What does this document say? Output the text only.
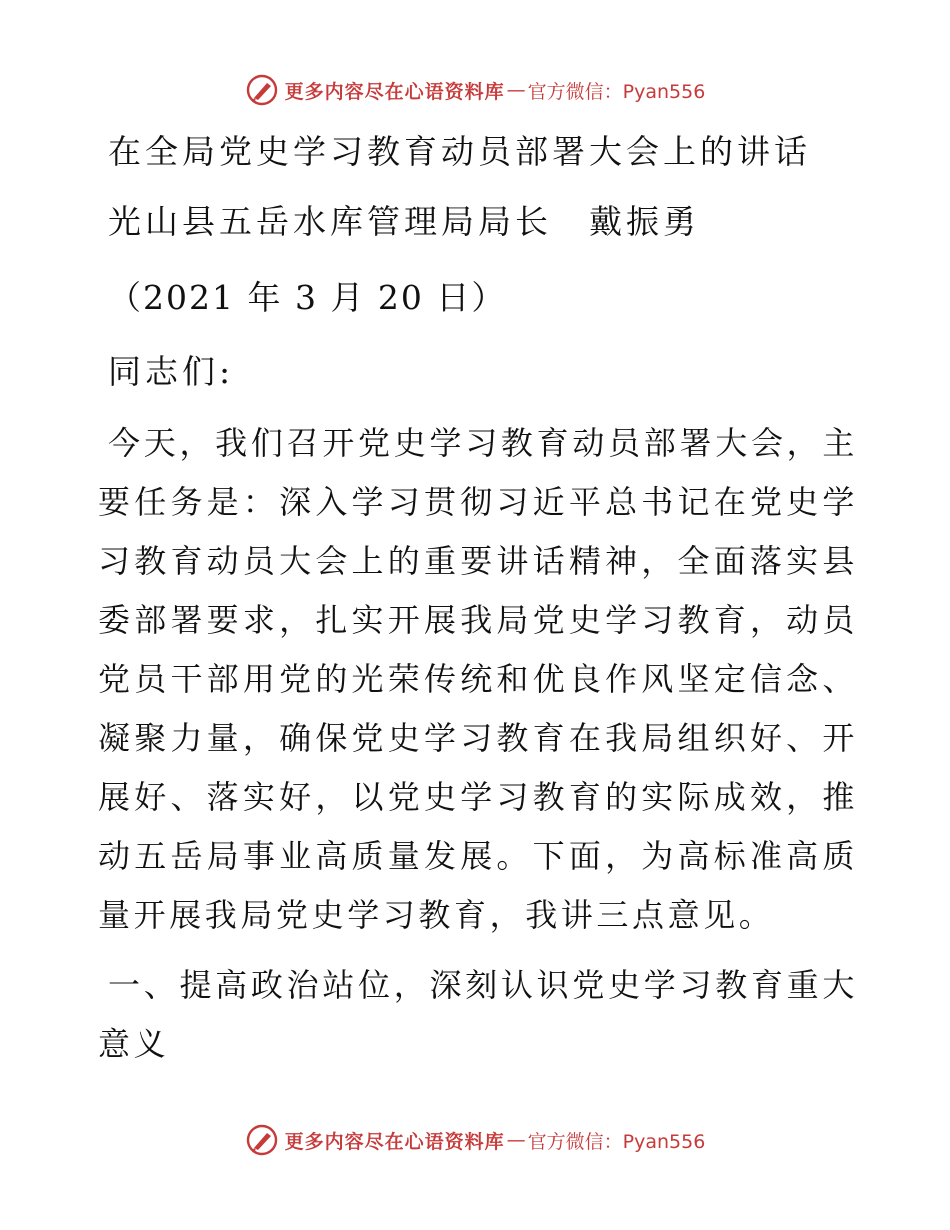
更多内容尽在心语资料库 — 官方微信：Pyan556
在全局党史学习教育动员部署大会上的讲话
光山县五岳水库管理局局长　戴振勇
（2021 年 3 月 20 日）
同志们:

今天，我们召开党史学习教育动员部署大会，主要任务是：深入学习贯彻习近平总书记在党史学习教育动员大会上的重要讲话精神，全面落实县委部署要求，扎实开展我局党史学习教育，动员党员干部用党的光荣传统和优良作风坚定信念、凝聚力量，确保党史学习教育在我局组织好、开展好、落实好，以党史学习教育的实际成效，推动五岳局事业高质量发展。下面，为高标准高质量开展我局党史学习教育，我讲三点意见。

一、提高政治站位，深刻认识党史学习教育重大意义

更多内容尽在心语资料库 — 官方微信：Pyan556
